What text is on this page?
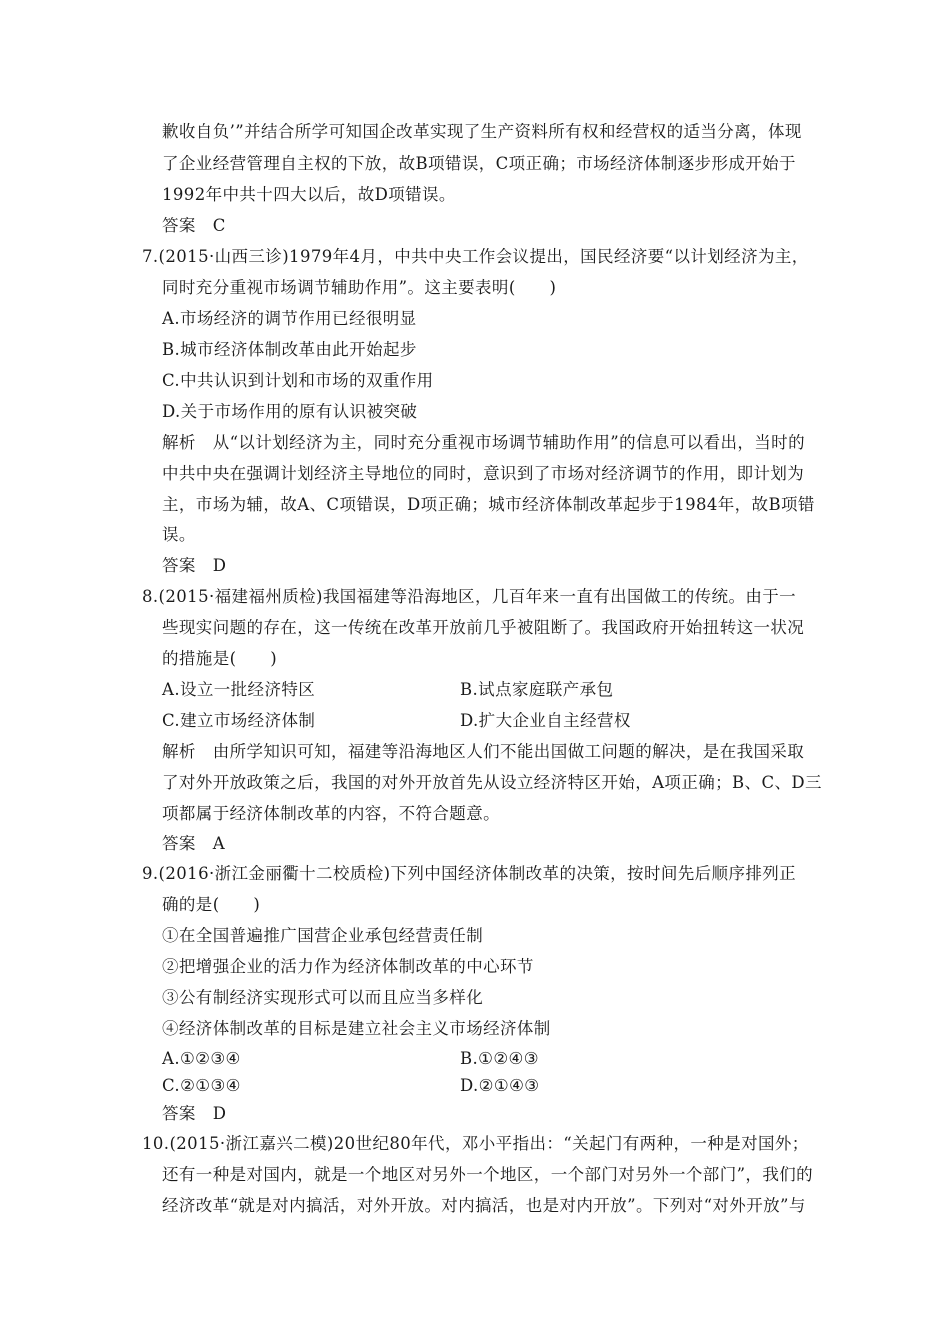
歉收自负’”并结合所学可知国企改革实现了生产资料所有权和经营权的适当分离，体现
了企业经营管理自主权的下放，故B项错误，C项正确；市场经济体制逐步形成开始于
1992年中共十四大以后，故D项错误。
答案　C
7.(2015·山西三诊)1979年4月，中共中央工作会议提出，国民经济要“以计划经济为主，
同时充分重视市场调节辅助作用”。这主要表明(　　)
A.市场经济的调节作用已经很明显
B.城市经济体制改革由此开始起步
C.中共认识到计划和市场的双重作用
D.关于市场作用的原有认识被突破
解析　从“以计划经济为主，同时充分重视市场调节辅助作用”的信息可以看出，当时的
中共中央在强调计划经济主导地位的同时，意识到了市场对经济调节的作用，即计划为
主，市场为辅，故A、C项错误，D项正确；城市经济体制改革起步于1984年，故B项错
误。
答案　D
8.(2015·福建福州质检)我国福建等沿海地区，几百年来一直有出国做工的传统。由于一
些现实问题的存在，这一传统在改革开放前几乎被阻断了。我国政府开始扭转这一状况
的措施是(　　)
A.设立一批经济特区	B.试点家庭联产承包
C.建立市场经济体制	D.扩大企业自主经营权
解析　由所学知识可知，福建等沿海地区人们不能出国做工问题的解决，是在我国采取
了对外开放政策之后，我国的对外开放首先从设立经济特区开始，A项正确；B、C、D三
项都属于经济体制改革的内容，不符合题意。
答案　A
9.(2016·浙江金丽衢十二校质检)下列中国经济体制改革的决策，按时间先后顺序排列正
确的是(　　)
①在全国普遍推广国营企业承包经营责任制
②把增强企业的活力作为经济体制改革的中心环节
③公有制经济实现形式可以而且应当多样化
④经济体制改革的目标是建立社会主义市场经济体制
A.①②③④	B.①②④③
C.②①③④	D.②①④③
答案　D
10.(2015·浙江嘉兴二模)20世纪80年代，邓小平指出：“关起门有两种，一种是对国外；
还有一种是对国内，就是一个地区对另外一个地区，一个部门对另外一个部门”，我们的
经济改革“就是对内搞活，对外开放。对内搞活，也是对内开放”。下列对“对外开放”与
